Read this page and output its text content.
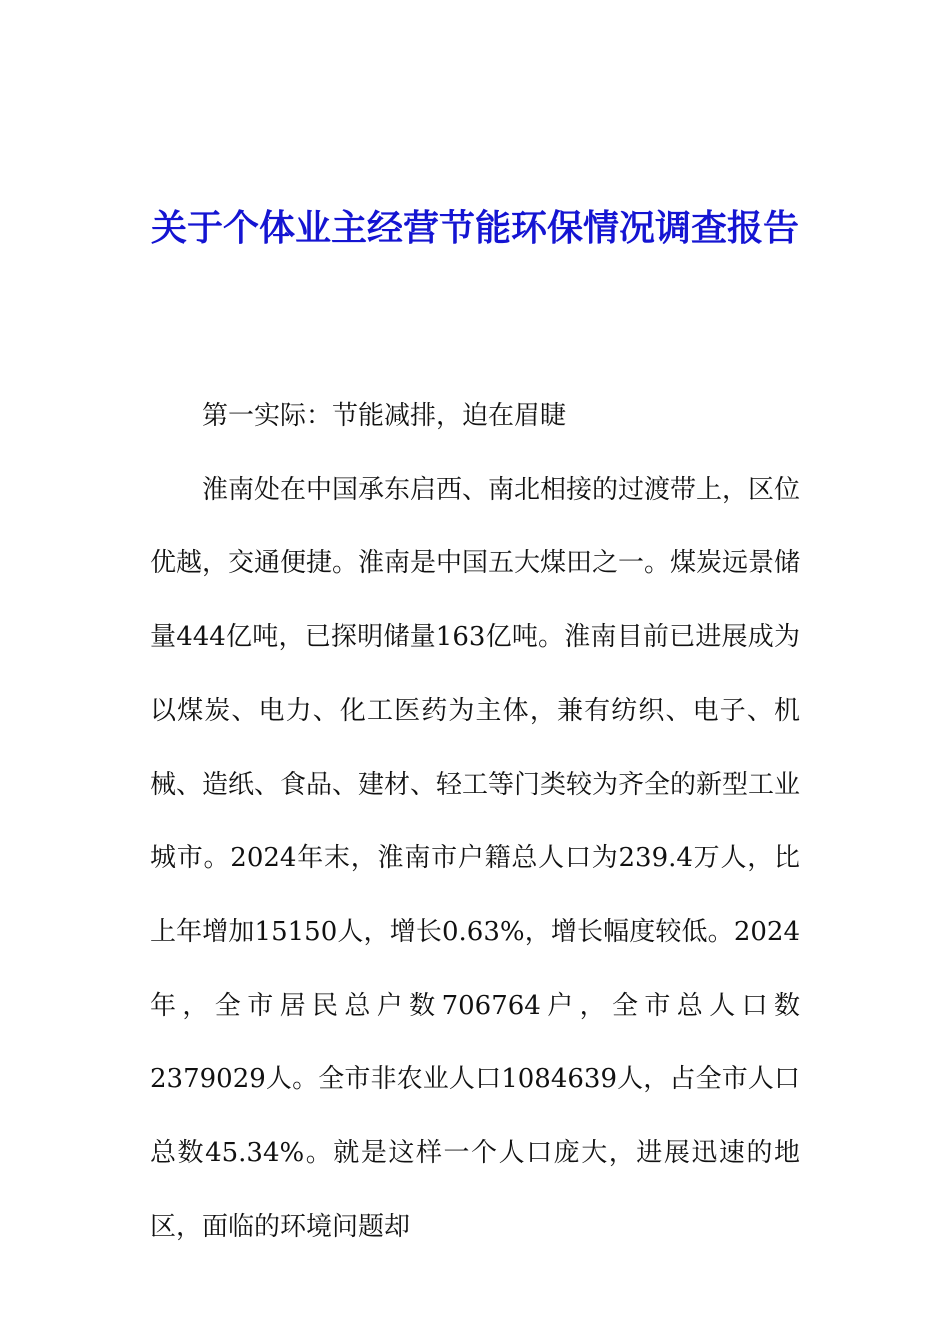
关于个体业主经营节能环保情况调查报告

第一实际：节能减排，迫在眉睫

淮南处在中国承东启西、南北相接的过渡带上，区位优越，交通便捷。淮南是中国五大煤田之一。煤炭远景储量444亿吨，已探明储量163亿吨。淮南目前已进展成为以煤炭、电力、化工医药为主体，兼有纺织、电子、机械、造纸、食品、建材、轻工等门类较为齐全的新型工业城市。2024年末，淮南市户籍总人口为239.4万人，比上年增加15150人，增长0.63%，增长幅度较低。2024年，全市居民总户数706764户，全市总人口数2379029人。全市非农业人口1084639人，占全市人口总数45.34%。就是这样一个人口庞大，进展迅速的地区，面临的环境问题却
